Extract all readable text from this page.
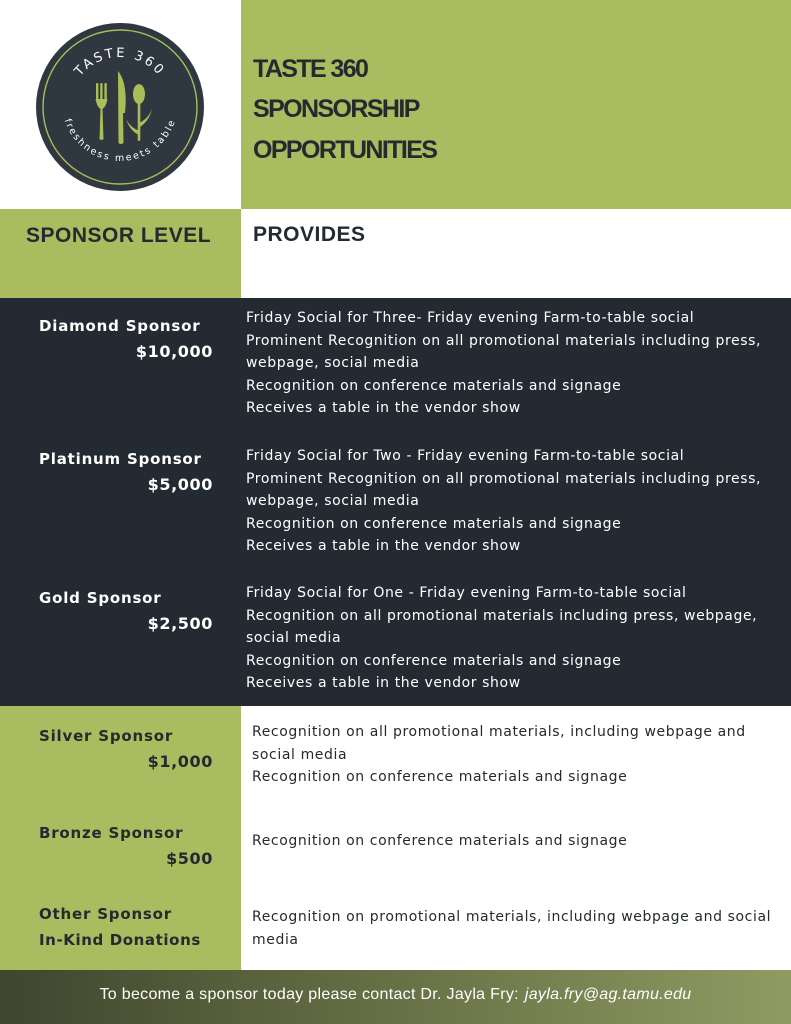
TASTE 360
freshness meets table
TASTE 360
SPONSORSHIP
OPPORTUNITIES
SPONSOR LEVEL	PROVIDES
Diamond Sponsor
$10,000
Friday Social for Three- Friday evening Farm-to-table social
Prominent Recognition on all promotional materials including press,
webpage, social media
Recognition on conference materials and signage
Receives a table in the vendor show
Platinum Sponsor
$5,000
Friday Social for Two - Friday evening Farm-to-table social
Prominent Recognition on all promotional materials including press,
webpage, social media
Recognition on conference materials and signage
Receives a table in the vendor show
Gold Sponsor
$2,500
Friday Social for One - Friday evening Farm-to-table social
Recognition on all promotional materials including press, webpage,
social media
Recognition on conference materials and signage
Receives a table in the vendor show
Silver Sponsor
$1,000
Recognition on all promotional materials, including webpage and
social media
Recognition on conference materials and signage
Bronze Sponsor
$500
Recognition on conference materials and signage
Other Sponsor
In-Kind Donations
Recognition on promotional materials, including webpage and social
media
To become a sponsor today please contact Dr. Jayla Fry: jayla.fry@ag.tamu.edu
